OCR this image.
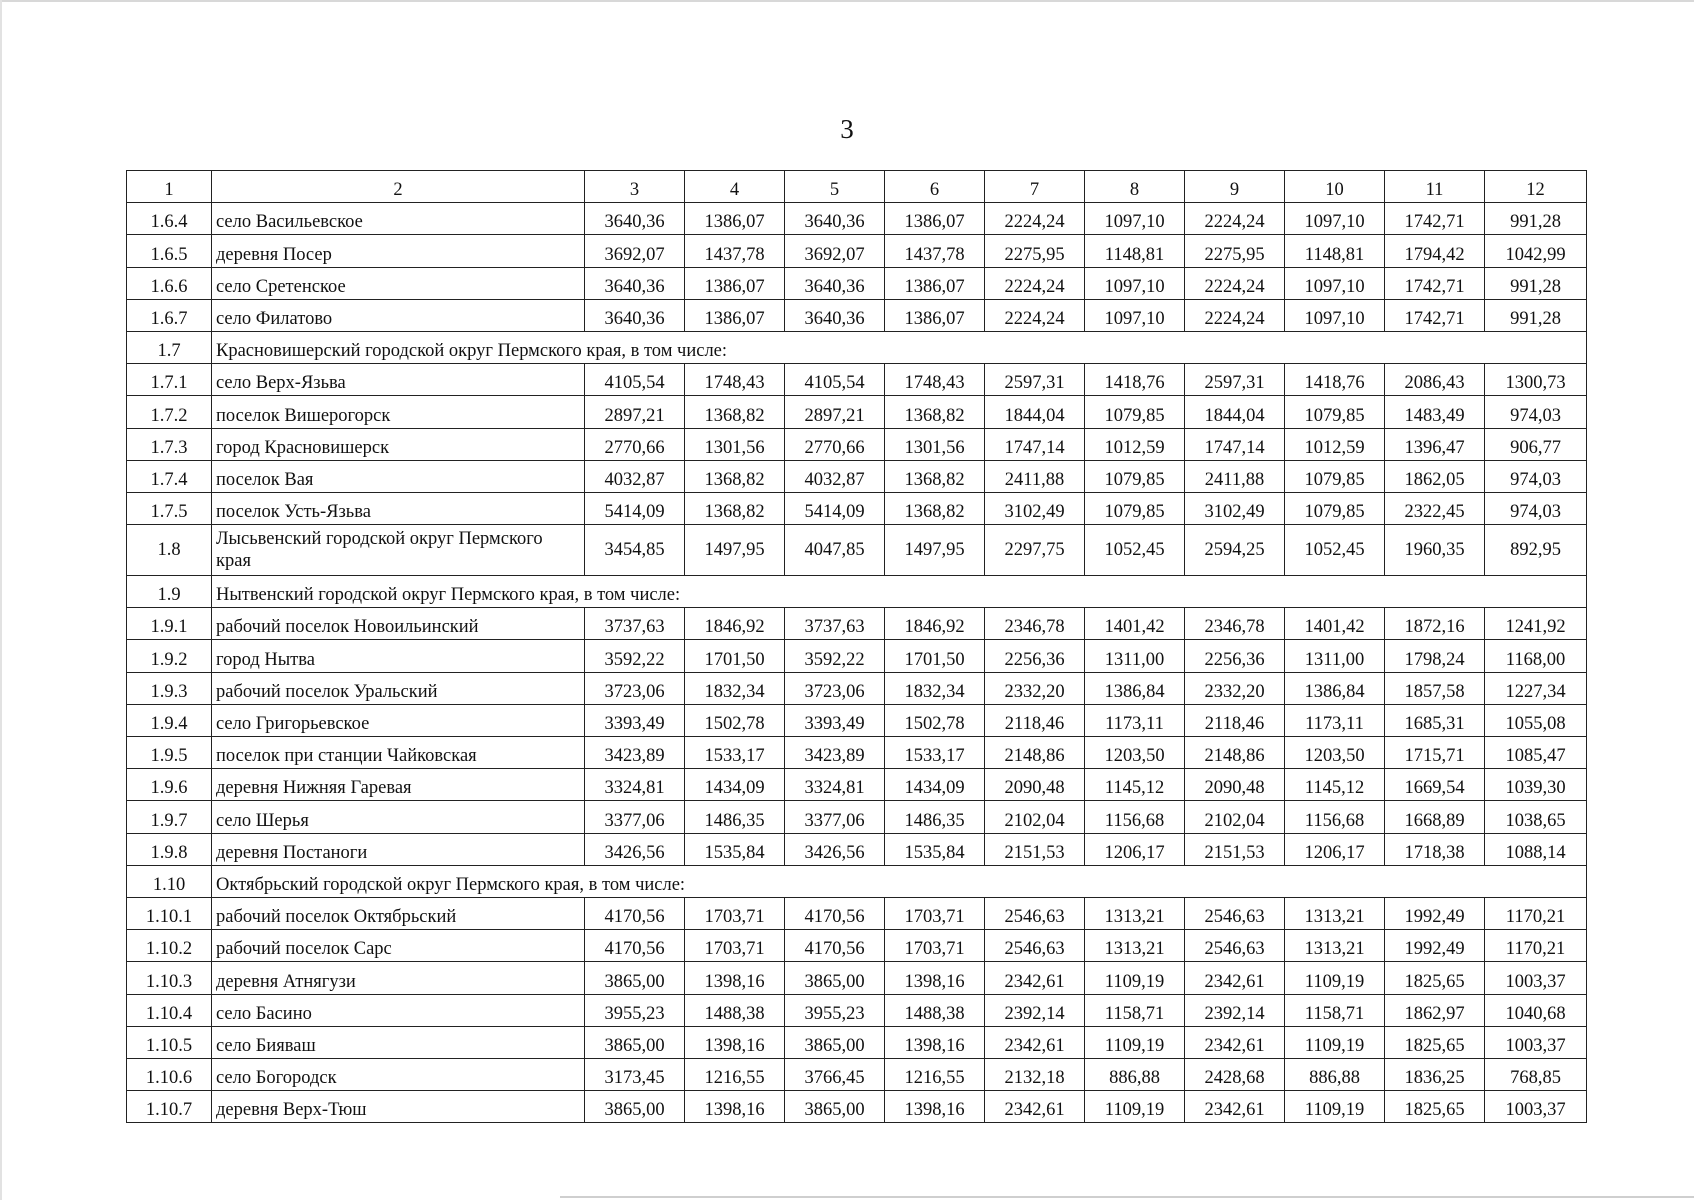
3
1	2	3	4	5	6	7	8	9	10	11	12
1.6.4	село Васильевское	3640,36	1386,07	3640,36	1386,07	2224,24	1097,10	2224,24	1097,10	1742,71	991,28
1.6.5	деревня Посер	3692,07	1437,78	3692,07	1437,78	2275,95	1148,81	2275,95	1148,81	1794,42	1042,99
1.6.6	село Сретенское	3640,36	1386,07	3640,36	1386,07	2224,24	1097,10	2224,24	1097,10	1742,71	991,28
1.6.7	село Филатово	3640,36	1386,07	3640,36	1386,07	2224,24	1097,10	2224,24	1097,10	1742,71	991,28
1.7	Красновишерский городской округ Пермского края, в том числе:										
1.7.1	село Верх-Язьва	4105,54	1748,43	4105,54	1748,43	2597,31	1418,76	2597,31	1418,76	2086,43	1300,73
1.7.2	поселок Вишерогорск	2897,21	1368,82	2897,21	1368,82	1844,04	1079,85	1844,04	1079,85	1483,49	974,03
1.7.3	город Красновишерск	2770,66	1301,56	2770,66	1301,56	1747,14	1012,59	1747,14	1012,59	1396,47	906,77
1.7.4	поселок Вая	4032,87	1368,82	4032,87	1368,82	2411,88	1079,85	2411,88	1079,85	1862,05	974,03
1.7.5	поселок Усть-Язьва	5414,09	1368,82	5414,09	1368,82	3102,49	1079,85	3102,49	1079,85	2322,45	974,03
1.8	Лысьвенский городской округ Пермского края	3454,85	1497,95	4047,85	1497,95	2297,75	1052,45	2594,25	1052,45	1960,35	892,95
1.9	Нытвенский городской округ Пермского края, в том числе:										
1.9.1	рабочий поселок Новоильинский	3737,63	1846,92	3737,63	1846,92	2346,78	1401,42	2346,78	1401,42	1872,16	1241,92
1.9.2	город Нытва	3592,22	1701,50	3592,22	1701,50	2256,36	1311,00	2256,36	1311,00	1798,24	1168,00
1.9.3	рабочий поселок Уральский	3723,06	1832,34	3723,06	1832,34	2332,20	1386,84	2332,20	1386,84	1857,58	1227,34
1.9.4	село Григорьевское	3393,49	1502,78	3393,49	1502,78	2118,46	1173,11	2118,46	1173,11	1685,31	1055,08
1.9.5	поселок при станции Чайковская	3423,89	1533,17	3423,89	1533,17	2148,86	1203,50	2148,86	1203,50	1715,71	1085,47
1.9.6	деревня Нижняя Гаревая	3324,81	1434,09	3324,81	1434,09	2090,48	1145,12	2090,48	1145,12	1669,54	1039,30
1.9.7	село Шерья	3377,06	1486,35	3377,06	1486,35	2102,04	1156,68	2102,04	1156,68	1668,89	1038,65
1.9.8	деревня Постаноги	3426,56	1535,84	3426,56	1535,84	2151,53	1206,17	2151,53	1206,17	1718,38	1088,14
1.10	Октябрьский городской округ Пермского края, в том числе:										
1.10.1	рабочий поселок Октябрьский	4170,56	1703,71	4170,56	1703,71	2546,63	1313,21	2546,63	1313,21	1992,49	1170,21
1.10.2	рабочий поселок Сарс	4170,56	1703,71	4170,56	1703,71	2546,63	1313,21	2546,63	1313,21	1992,49	1170,21
1.10.3	деревня Атнягузи	3865,00	1398,16	3865,00	1398,16	2342,61	1109,19	2342,61	1109,19	1825,65	1003,37
1.10.4	село Басино	3955,23	1488,38	3955,23	1488,38	2392,14	1158,71	2392,14	1158,71	1862,97	1040,68
1.10.5	село Бияваш	3865,00	1398,16	3865,00	1398,16	2342,61	1109,19	2342,61	1109,19	1825,65	1003,37
1.10.6	село Богородск	3173,45	1216,55	3766,45	1216,55	2132,18	886,88	2428,68	886,88	1836,25	768,85
1.10.7	деревня Верх-Тюш	3865,00	1398,16	3865,00	1398,16	2342,61	1109,19	2342,61	1109,19	1825,65	1003,37
